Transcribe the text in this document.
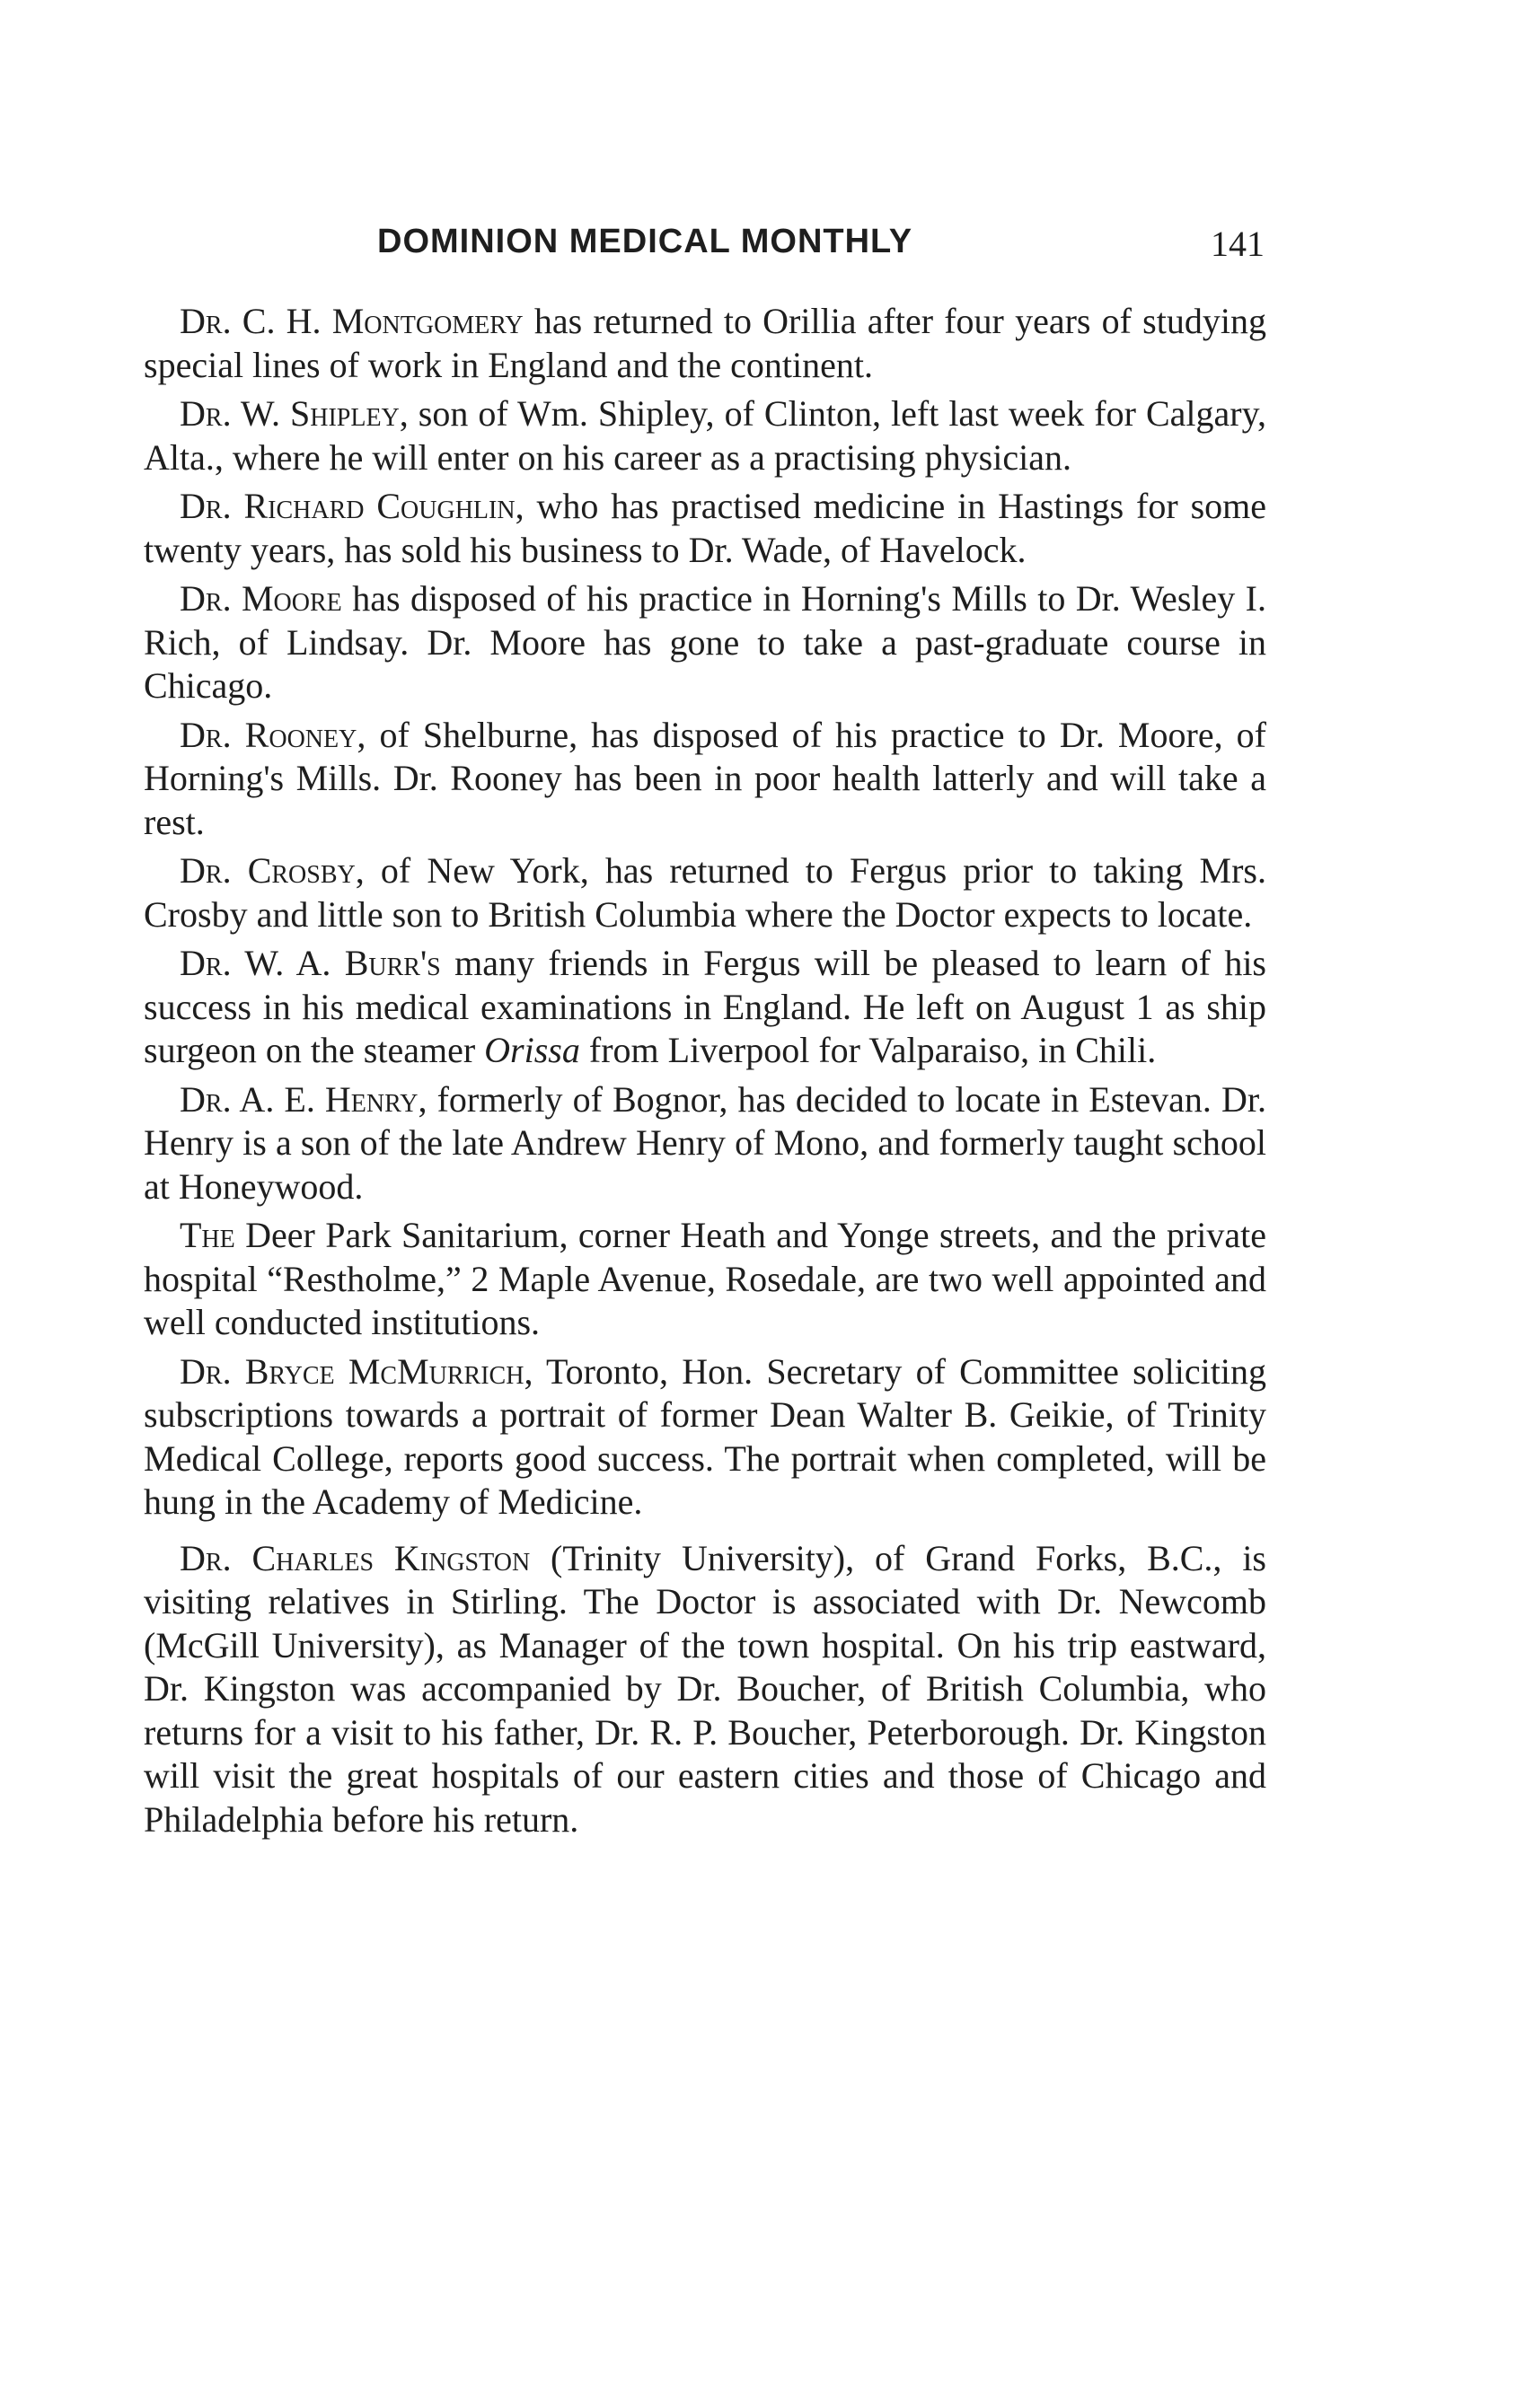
DOMINION MEDICAL MONTHLY	141

Dr. C. H. Montgomery has returned to Orillia after four years of studying special lines of work in England and the continent.

Dr. W. Shipley, son of Wm. Shipley, of Clinton, left last week for Calgary, Alta., where he will enter on his career as a practising physician.

Dr. Richard Coughlin, who has practised medicine in Hastings for some twenty years, has sold his business to Dr. Wade, of Havelock.

Dr. Moore has disposed of his practice in Horning's Mills to Dr. Wesley I. Rich, of Lindsay. Dr. Moore has gone to take a past-graduate course in Chicago.

Dr. Rooney, of Shelburne, has disposed of his practice to Dr. Moore, of Horning's Mills. Dr. Rooney has been in poor health latterly and will take a rest.

Dr. Crosby, of New York, has returned to Fergus prior to taking Mrs. Crosby and little son to British Columbia where the Doctor expects to locate.

Dr. W. A. Burr's many friends in Fergus will be pleased to learn of his success in his medical examinations in England. He left on August 1 as ship surgeon on the steamer Orissa from Liverpool for Valparaiso, in Chili.

Dr. A. E. Henry, formerly of Bognor, has decided to locate in Estevan. Dr. Henry is a son of the late Andrew Henry of Mono, and formerly taught school at Honeywood.

The Deer Park Sanitarium, corner Heath and Yonge streets, and the private hospital “Restholme,” 2 Maple Avenue, Rosedale, are two well appointed and well conducted institutions.

Dr. Bryce McMurrich, Toronto, Hon. Secretary of Committee soliciting subscriptions towards a portrait of former Dean Walter B. Geikie, of Trinity Medical College, reports good success. The portrait when completed, will be hung in the Academy of Medicine.

Dr. Charles Kingston (Trinity University), of Grand Forks, B.C., is visiting relatives in Stirling. The Doctor is associated with Dr. Newcomb (McGill University), as Manager of the town hospital. On his trip eastward, Dr. Kingston was accompanied by Dr. Boucher, of British Columbia, who returns for a visit to his father, Dr. R. P. Boucher, Peterborough. Dr. Kingston will visit the great hospitals of our eastern cities and those of Chicago and Philadelphia before his return.
